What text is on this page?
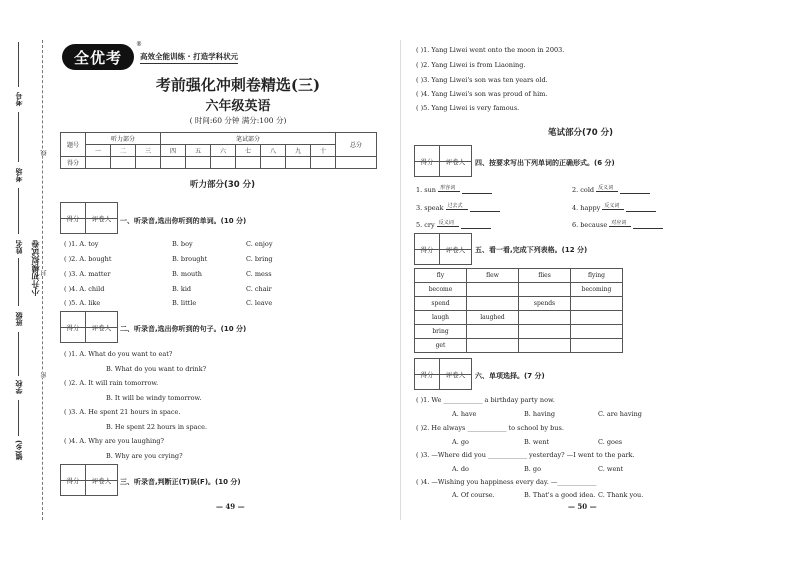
考号
考场
姓名
班级
学校
镇(乡)
小升初模拟试卷
线
封
密
全优考
®
高效全能训练 · 打造学科状元
考前强化冲刺卷精选(三)
六年级英语
( 时间:60 分钟 满分:100 分)
题号	听力部分			笔试部分							总分
	一	二	三	四	五	六	七	八	九	十	
得分											
听力部分(30 分)
得分	评卷人	一、听录音,选出你听到的单词。(10 分)
( )1. A. toy	B. boy	C. enjoy
( )2. A. bought	B. brought	C. bring
( )3. A. matter	B. mouth	C. mess
( )4. A. child	B. kid	C. chair
( )5. A. like	B. little	C. leave
得分	评卷人	二、听录音,选出你听到的句子。(10 分)
( )1. A. What do you want to eat?
B. What do you want to drink?
( )2. A. It will rain tomorrow.
B. It will be windy tomorrow.
( )3. A. He spent 21 hours in space.
B. He spent 22 hours in space.
( )4. A. Why are you laughing?
B. Why are you crying?
得分	评卷人	三、听录音,判断正(T)误(F)。(10 分)
— 49 —
( )1. Yang Liwei went onto the moon in 2003.
( )2. Yang Liwei is from Liaoning.
( )3. Yang Liwei's son was ten years old.
( )4. Yang Liwei's son was proud of him.
( )5. Yang Liwei is very famous.
笔试部分(70 分)
得分	评卷人	四、按要求写出下列单词的正确形式。(6 分)
1. sun 形容词
	2. cold 反义词

3. speak 过去式
	4. happy 反义词

5. cry 反义词
	6. because 对应词

得分	评卷人	五、看一看,完成下列表格。(12 分)
fly	flew	flies	flying
become			becoming
spend		spends	
laugh	laughed		
bring			
get			
得分	评卷人	六、单项选择。(7 分)
( )1. We ____________ a birthday party now.
A. have	B. having	C. are having
( )2. He always ____________ to school by bus.
A. go	B. went	C. goes
( )3. —Where did you ____________ yesterday? —I went to the park.
A. do	B. go	C. went
( )4. —Wishing you happiness every day. —____________
A. Of course.	B. That's a good idea. C. Thank you.
— 50 —
